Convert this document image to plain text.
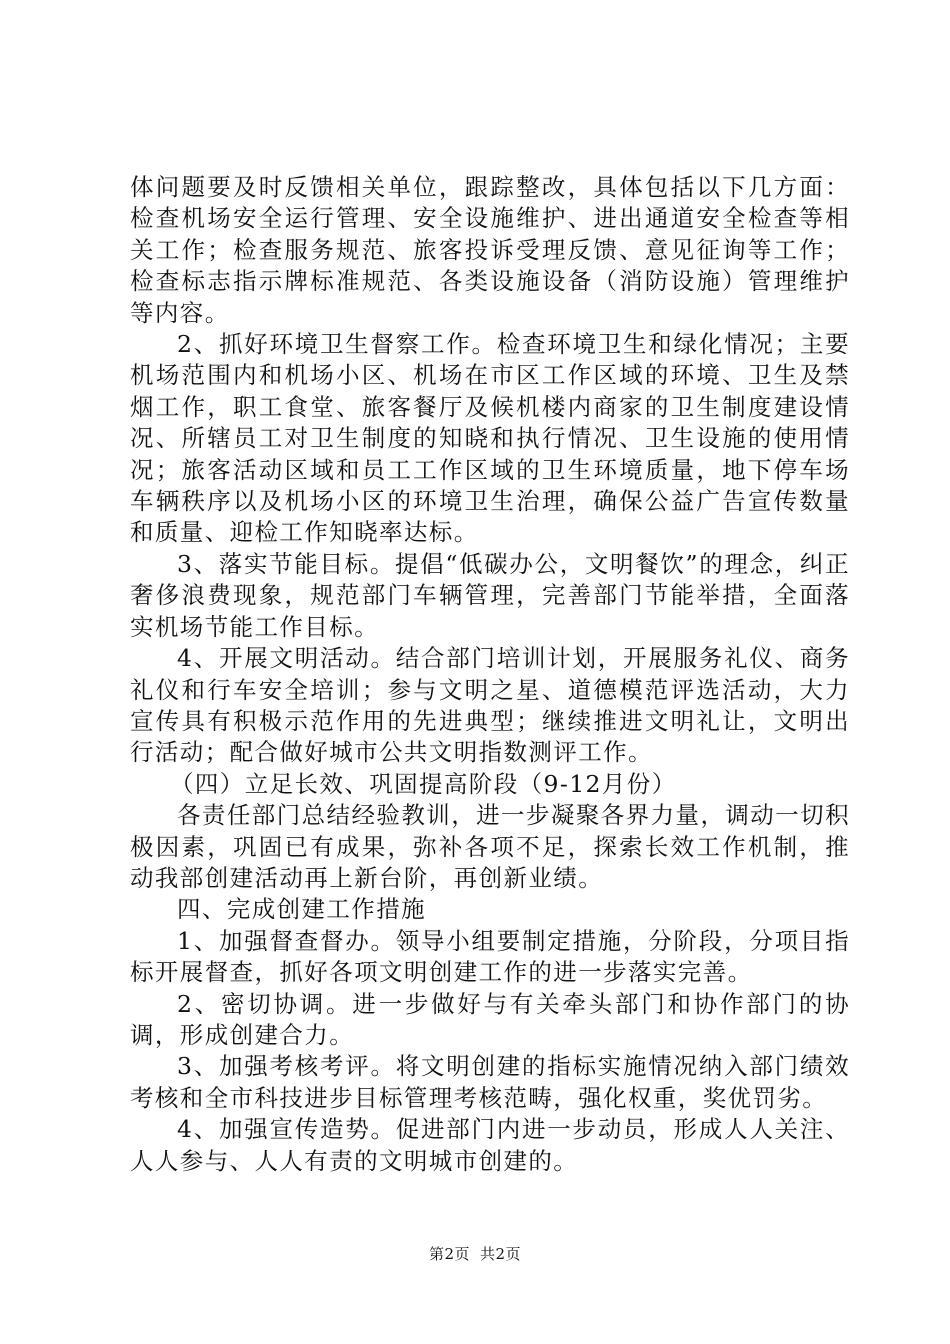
体问题要及时反馈相关单位，跟踪整改，具体包括以下几方面：检查机场安全运行管理、安全设施维护、进出通道安全检查等相关工作；检查服务规范、旅客投诉受理反馈、意见征询等工作；检查标志指示牌标准规范、各类设施设备（消防设施）管理维护等内容。

2、抓好环境卫生督察工作。检查环境卫生和绿化情况；主要机场范围内和机场小区、机场在市区工作区域的环境、卫生及禁烟工作，职工食堂、旅客餐厅及候机楼内商家的卫生制度建设情况、所辖员工对卫生制度的知晓和执行情况、卫生设施的使用情况；旅客活动区域和员工工作区域的卫生环境质量，地下停车场车辆秩序以及机场小区的环境卫生治理，确保公益广告宣传数量和质量、迎检工作知晓率达标。

3、落实节能目标。提倡“低碳办公，文明餐饮”的理念，纠正奢侈浪费现象，规范部门车辆管理，完善部门节能举措，全面落实机场节能工作目标。

4、开展文明活动。结合部门培训计划，开展服务礼仪、商务礼仪和行车安全培训；参与文明之星、道德模范评选活动，大力宣传具有积极示范作用的先进典型；继续推进文明礼让，文明出行活动；配合做好城市公共文明指数测评工作。

（四）立足长效、巩固提高阶段（9-12月份）

各责任部门总结经验教训，进一步凝聚各界力量，调动一切积极因素，巩固已有成果，弥补各项不足，探索长效工作机制，推动我部创建活动再上新台阶，再创新业绩。

四、完成创建工作措施

1、加强督查督办。领导小组要制定措施，分阶段，分项目指标开展督查，抓好各项文明创建工作的进一步落实完善。

2、密切协调。进一步做好与有关牵头部门和协作部门的协调，形成创建合力。

3、加强考核考评。将文明创建的指标实施情况纳入部门绩效考核和全市科技进步目标管理考核范畴，强化权重，奖优罚劣。

4、加强宣传造势。促进部门内进一步动员，形成人人关注、人人参与、人人有责的文明城市创建的。

第2页 共2页
